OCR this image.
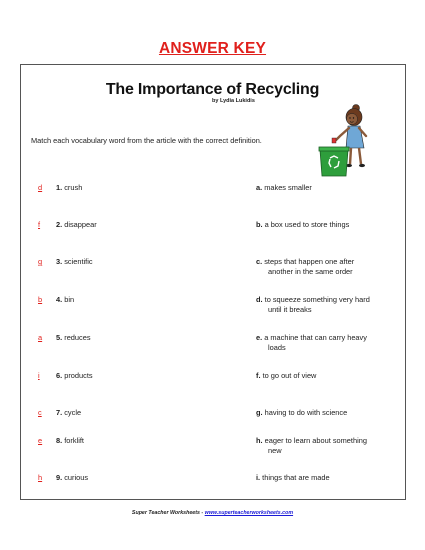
ANSWER KEY
The Importance of Recycling
by Lydia Lukidis
Match each vocabulary word from the article with the correct definition.
d 1. crush
f 2. disappear
g 3. scientific
b 4. bin
a 5. reduces
i 6. products
c 7. cycle
e 8. forklift
h 9. curious
a. makes smaller
b. a box used to store things
c. steps that happen one after
another in the same order
d. to squeeze something very hard
until it breaks
e. a machine that can carry heavy
loads
f. to go out of view
g. having to do with science
h. eager to learn about something
new
i. things that are made
Super Teacher Worksheets - www.superteacherworksheets.com
